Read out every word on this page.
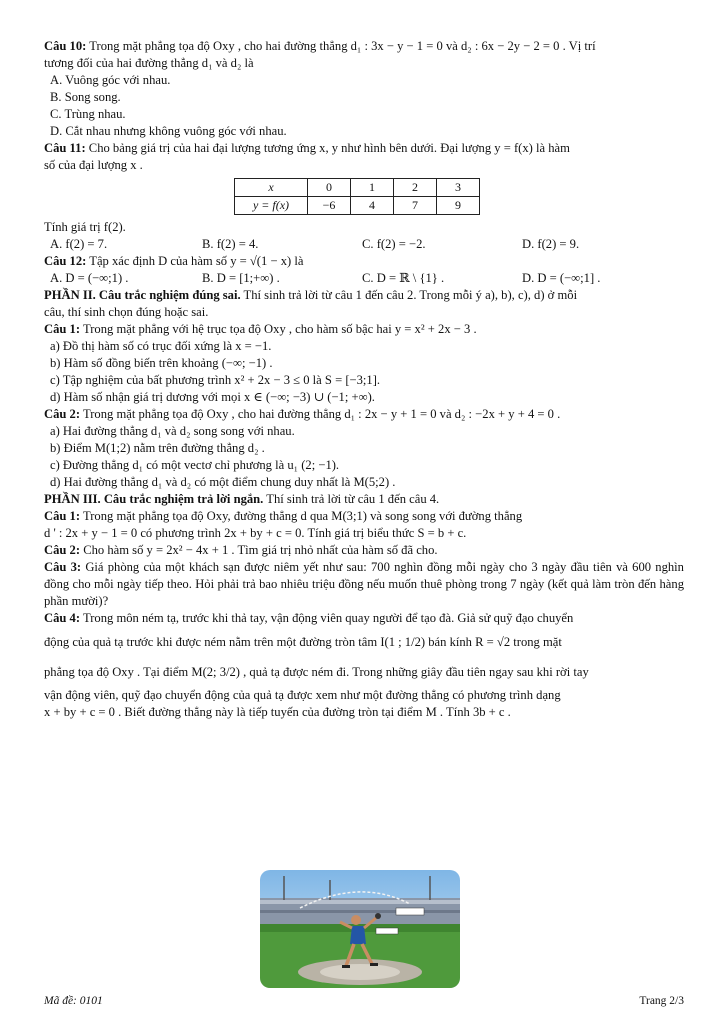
Câu 10: Trong mặt phẳng tọa độ Oxy , cho hai đường thẳng d₁ : 3x − y − 1 = 0 và d₂ : 6x − 2y − 2 = 0 . Vị trí
tương đối của hai đường thẳng d₁ và d₂ là
A. Vuông góc với nhau.
B. Song song.
C. Trùng nhau.
D. Cắt nhau nhưng không vuông góc với nhau.
Câu 11: Cho bảng giá trị của hai đại lượng tương ứng x, y như hình bên dưới. Đại lượng y = f(x) là hàm
số của đại lượng x .
x	0	1	2	3
y = f(x)	−6	4	7	9
Tính giá trị f(2).
A. f(2) = 7.	B. f(2) = 4.	C. f(2) = −2.	D. f(2) = 9.
Câu 12: Tập xác định D của hàm số y = √(1 − x) là
A. D = (−∞;1) .	B. D = [1;+∞) .	C. D = ℝ \ {1} .	D. D = (−∞;1] .
PHẦN II. Câu trắc nghiệm đúng sai. Thí sinh trả lời từ câu 1 đến câu 2. Trong mỗi ý a), b), c), d) ở mỗi
câu, thí sinh chọn đúng hoặc sai.
Câu 1: Trong mặt phẳng với hệ trục tọa độ Oxy , cho hàm số bậc hai y = x² + 2x − 3 .
a) Đồ thị hàm số có trục đối xứng là x = −1.
b) Hàm số đồng biến trên khoảng (−∞; −1) .
c) Tập nghiệm của bất phương trình x² + 2x − 3 ≤ 0 là S = [−3;1].
d) Hàm số nhận giá trị dương với mọi x ∈ (−∞; −3) ∪ (−1; +∞).
Câu 2: Trong mặt phẳng tọa độ Oxy , cho hai đường thẳng d₁ : 2x − y + 1 = 0 và d₂ : −2x + y + 4 = 0 .
a) Hai đường thẳng d₁ và d₂ song song với nhau.
b) Điểm M(1;2) nằm trên đường thẳng d₂ .
c) Đường thẳng d₁ có một vectơ chỉ phương là u₁ (2; −1).
d) Hai đường thẳng d₁ và d₂ có một điểm chung duy nhất là M(5;2) .
PHẦN III. Câu trắc nghiệm trả lời ngắn. Thí sinh trả lời từ câu 1 đến câu 4.
Câu 1: Trong mặt phẳng tọa độ Oxy, đường thẳng d qua M(3;1) và song song với đường thẳng
d ' : 2x + y − 1 = 0 có phương trình 2x + by + c = 0. Tính giá trị biểu thức S = b + c.
Câu 2: Cho hàm số y = 2x² − 4x + 1 . Tìm giá trị nhỏ nhất của hàm số đã cho.
Câu 3: Giá phòng của một khách sạn được niêm yết như sau: 700 nghìn đồng mỗi ngày cho 3 ngày đầu tiên và 600 nghìn đồng cho mỗi ngày tiếp theo. Hỏi phải trả bao nhiêu triệu đồng nếu muốn thuê phòng trong 7 ngày (kết quả làm tròn đến hàng phần mười)?
Câu 4: Trong môn ném tạ, trước khi thả tay, vận động viên quay người để tạo đà. Giả sử quỹ đạo chuyển
động của quả tạ trước khi được ném nằm trên một đường tròn tâm I(1 ; 1/2) bán kính R = √2 trong mặt
phẳng tọa độ Oxy . Tại điểm M(2; 3/2) , quả tạ được ném đi. Trong những giây đầu tiên ngay sau khi rời tay
vận động viên, quỹ đạo chuyển động của quả tạ được xem như một đường thẳng có phương trình dạng
x + by + c = 0 . Biết đường thẳng này là tiếp tuyến của đường tròn tại điểm M . Tính 3b + c .
Mã đề: 0101	Trang 2/3
